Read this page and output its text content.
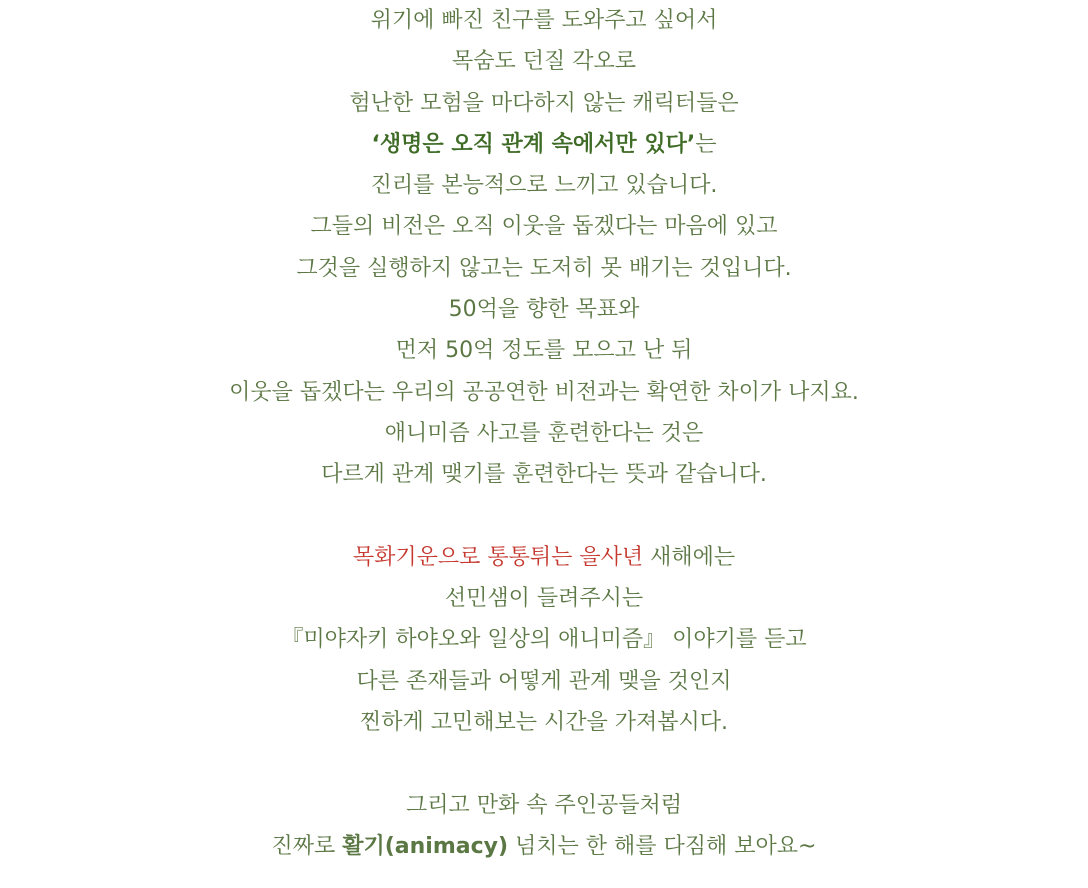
위기에 빠진 친구를 도와주고 싶어서
목숨도 던질 각오로
험난한 모험을 마다하지 않는 캐릭터들은
‘생명은 오직 관계 속에서만 있다’는
진리를 본능적으로 느끼고 있습니다.
그들의 비전은 오직 이웃을 돕겠다는 마음에 있고
그것을 실행하지 않고는 도저히 못 배기는 것입니다.
50억을 향한 목표와
먼저 50억 정도를 모으고 난 뒤
이웃을 돕겠다는 우리의 공공연한 비전과는 확연한 차이가 나지요.
애니미즘 사고를 훈련한다는 것은
다르게 관계 맺기를 훈련한다는 뜻과 같습니다.
목화기운으로 통통튀는 을사년 새해에는
선민샘이 들려주시는
『미야자키 하야오와 일상의 애니미즘』 이야기를 듣고
다른 존재들과 어떻게 관계 맺을 것인지
찐하게 고민해보는 시간을 가져봅시다.
그리고 만화 속 주인공들처럼
진짜로 활기(animacy) 넘치는 한 해를 다짐해 보아요~
